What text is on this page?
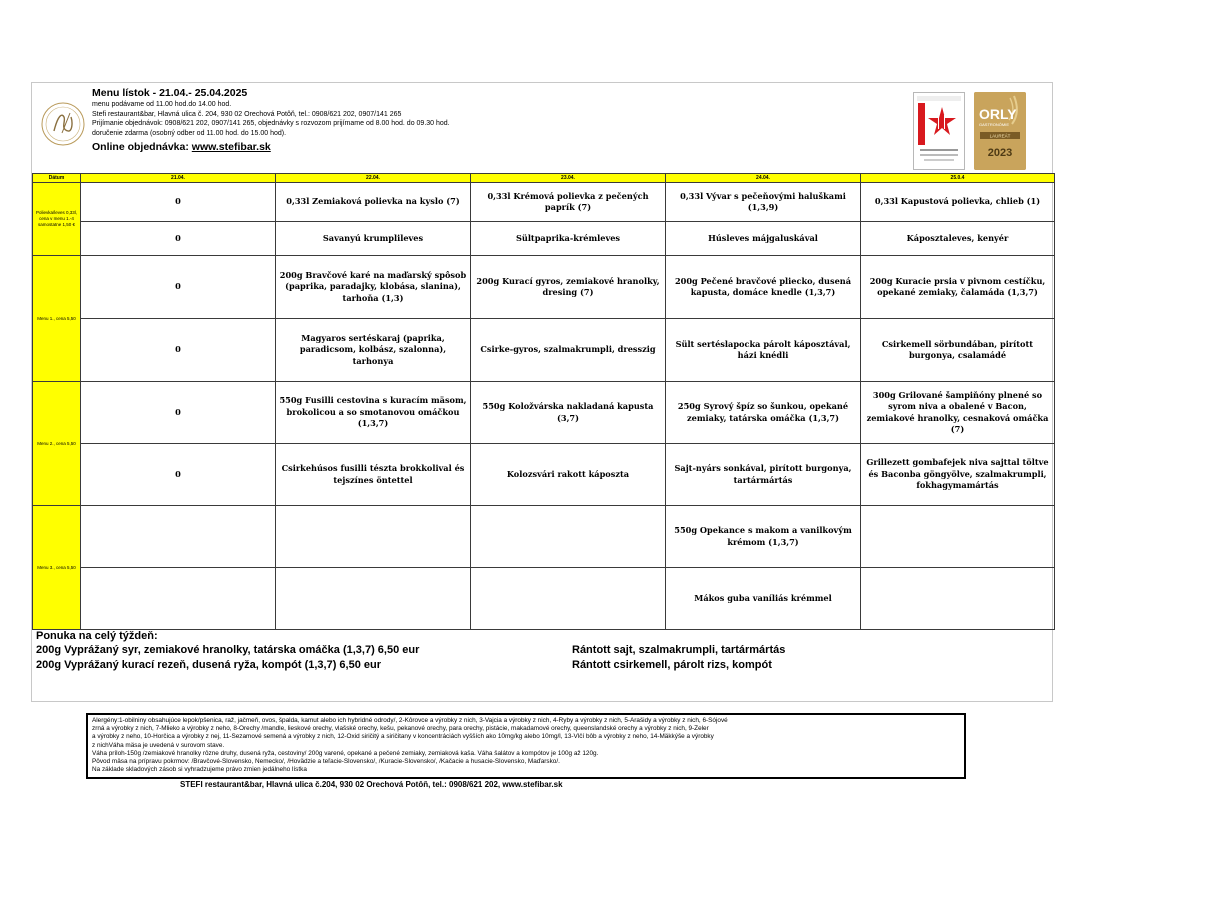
Menu lístok - 21.04.- 25.04.2025
menu podávame od 11.00 hod.do 14.00 hod.
Stefi restaurant&bar, Hlavná ulica č. 204, 930 02 Orechová Potôň, tel.: 0908/621 202, 0907/141 265
Prijímanie objednávok: 0908/621 202, 0907/141 265, objednávky s rozvozom prijímame od 8.00 hod. do 09.30 hod.
doručenie zdarma (osobný odber od 11.00 hod. do 15.00 hod).
Online objednávka: www.stefibar.sk
ORLY
GASTRONÓMIE
LAUREÁT
2023
Dátum	21.04.	22.04.	23.04.	24.04.	25.0.4
Polievka/leves 0,33l, cena v menu 1.-4 samostatne 1,50 €	0	0,33l Zemiaková polievka na kyslo (7)	0,33l Krémová polievka z pečených paprík (7)	0,33l Vývar s pečeňovými haluškami (1,3,9)	0,33l Kapustová polievka, chlieb (1)
	0	Savanyú krumplileves	Sültpaprika-krémleves	Húsleves májgaluskával	Káposztaleves, kenyér
Menu 1., cena 5,50	0	200g Bravčové karé na maďarský spôsob (paprika, paradajky, klobása, slanina), tarhoňa (1,3)	200g Kurací gyros, zemiakové hranolky, dresing (7)	200g Pečené bravčové pliecko, dusená kapusta, domáce knedle (1,3,7)	200g Kuracie prsia v pivnom cestíčku, opekané zemiaky, čalamáda (1,3,7)
	0	Magyaros sertéskaraj (paprika, paradicsom, kolbász, szalonna), tarhonya	Csirke-gyros, szalmakrumpli, dresszig	Sült sertéslapocka párolt káposztával, házi knédli	Csirkemell sörbundában, pirított burgonya, csalamádé
Menu 2., cena 5,50	0	550g Fusilli cestovina s kuracím mäsom, brokolicou a so smotanovou omáčkou (1,3,7)	550g Koložvárska nakladaná kapusta (3,7)	250g Syrový špíz so šunkou, opekané zemiaky, tatárska omáčka (1,3,7)	300g Grilované šampiňóny plnené so syrom niva a obalené v Bacon, zemiakové hranolky, cesnaková omáčka (7)
	0	Csirkehúsos fusilli tészta brokkolival és tejszínes öntettel	Kolozsvári rakott káposzta	Sajt-nyárs sonkával, pirított burgonya, tartármártás	Grillezett gombafejek niva sajttal töltve és Baconba göngyölve, szalmakrumpli, fokhagymamártás
Menu 3., cena 5,50				550g Opekance s makom a vanilkovým krémom (1,3,7)	
				Mákos guba vaníliás krémmel	
Ponuka na celý týždeň:
200g Vyprážaný syr, zemiakové hranolky, tatárska omáčka (1,3,7) 6,50 eur	Rántott sajt, szalmakrumpli, tartármártás
200g Vyprážaný kurací rezeň, dusená ryža, kompót (1,3,7) 6,50 eur	Rántott csirkemell, párolt rizs, kompót
Alergény:1-obilniny obsahujúce lepok/pšenica, raž, jačmeň, ovos, špalda, kamut alebo ich hybridné odrody/, 2-Kôrovce a výrobky z nich, 3-Vajcia a výrobky z nich, 4-Ryby a výrobky z nich, 5-Arašidy a výrobky z nich, 6-Sójové
zrná a výrobky z nich, 7-Mlieko a výrobky z neho, 8-Orechy /mandle, lieskové orechy, vlašské orechy, kešu, pekanové orechy, para orechy, pistácie, makadamové orechy, queenslandské orechy a výrobky z nich, 9-Zeler
a výrobky z neho, 10-Horčica a výrobky z nej, 11-Sezamové semená a výrobky z nich, 12-Oxid siričitý a siričitany v koncentráciách vyšších ako 10mg/kg alebo 10mg/l, 13-Vlčí bôb a výrobky z neho, 14-Mäkkýše a výrobky
z nichVáha mäsa je uvedená v surovom stave.
Váha príloh-150g /zemiakové hranolky rôzne druhy, dusená ryža, cestoviny/ 200g varené, opekané a pečené zemiaky, zemiaková kaša. Váha šalátov a kompótov je 100g až 120g.
Pôvod mäsa na prípravu pokrmov: /Bravčové-Slovensko, Nemecko/, /Hovädzie a teľacie-Slovensko/, /Kuracie-Slovensko/, /Kačacie a husacie-Slovensko, Maďarsko/.
Na základe skladových zásob si vyhradzujeme právo zmien jedálneho lístka
STEFI restaurant&bar, Hlavná ulica č.204, 930 02 Orechová Potôň, tel.: 0908/621 202, www.stefibar.sk
